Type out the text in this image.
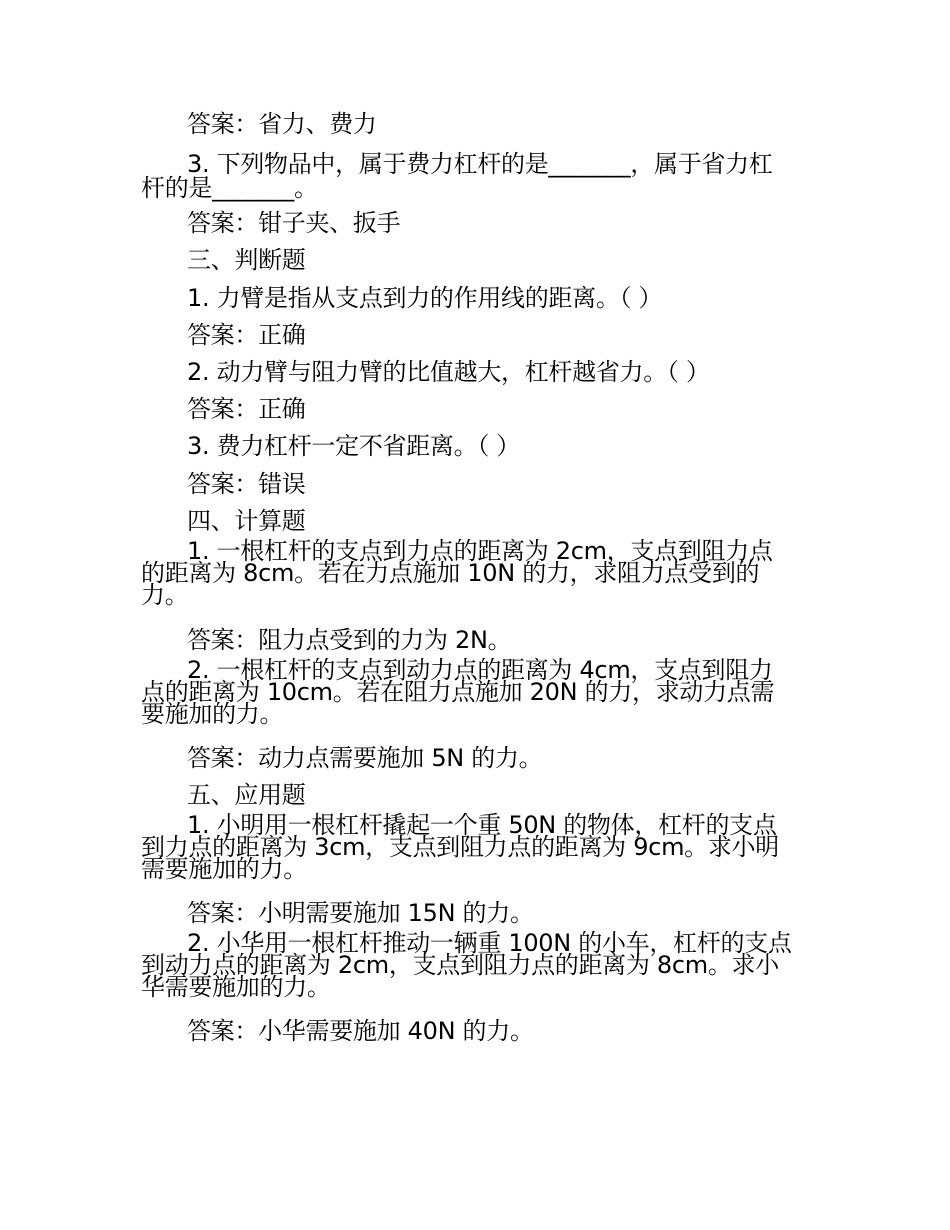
答案：省力、费力
3. 下列物品中，属于费力杠杆的是_______，属于省力杠
杆的是_______。
答案：钳子夹、扳手
三、判断题
1. 力臂是指从支点到力的作用线的距离。（ ）
答案：正确
2. 动力臂与阻力臂的比值越大，杠杆越省力。（ ）
答案：正确
3. 费力杠杆一定不省距离。（ ）
答案：错误
四、计算题
1. 一根杠杆的支点到力点的距离为 2cm，支点到阻力点
的距离为 8cm。若在力点施加 10N 的力，求阻力点受到的
力。
答案：阻力点受到的力为 2N。
2. 一根杠杆的支点到动力点的距离为 4cm，支点到阻力
点的距离为 10cm。若在阻力点施加 20N 的力，求动力点需
要施加的力。
答案：动力点需要施加 5N 的力。
五、应用题
1. 小明用一根杠杆撬起一个重 50N 的物体，杠杆的支点
到力点的距离为 3cm，支点到阻力点的距离为 9cm。求小明
需要施加的力。
答案：小明需要施加 15N 的力。
2. 小华用一根杠杆推动一辆重 100N 的小车，杠杆的支点
到动力点的距离为 2cm，支点到阻力点的距离为 8cm。求小
华需要施加的力。
答案：小华需要施加 40N 的力。
